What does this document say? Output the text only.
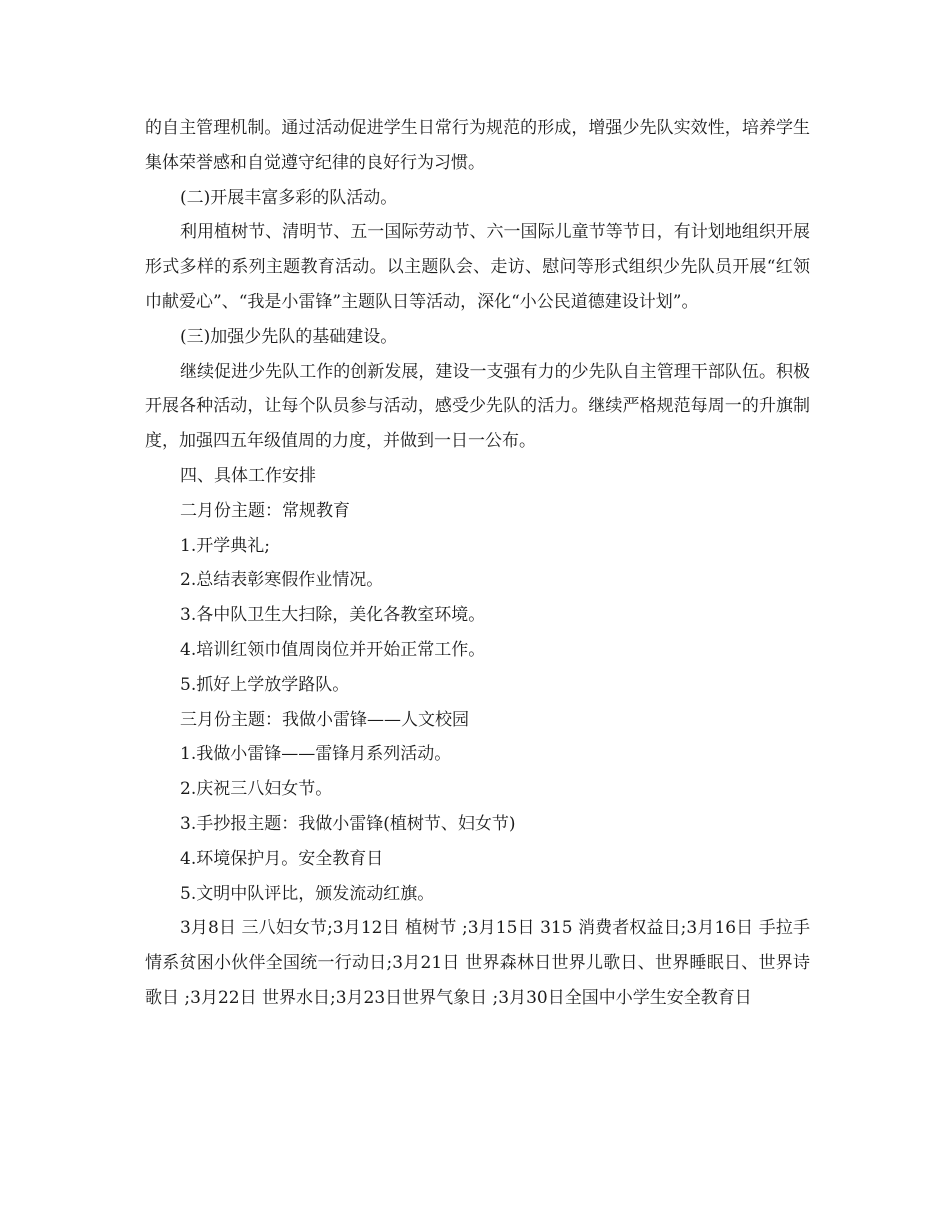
的自主管理机制。通过活动促进学生日常行为规范的形成，增强少先队实效性，培养学生集体荣誉感和自觉遵守纪律的良好行为习惯。

(二)开展丰富多彩的队活动。

利用植树节、清明节、五一国际劳动节、六一国际儿童节等节日，有计划地组织开展形式多样的系列主题教育活动。以主题队会、走访、慰问等形式组织少先队员开展“红领巾献爱心”、“我是小雷锋”主题队日等活动，深化“小公民道德建设计划”。

(三)加强少先队的基础建设。

继续促进少先队工作的创新发展，建设一支强有力的少先队自主管理干部队伍。积极开展各种活动，让每个队员参与活动，感受少先队的活力。继续严格规范每周一的升旗制度，加强四五年级值周的力度，并做到一日一公布。

四、具体工作安排

二月份主题：常规教育

1.开学典礼;

2.总结表彰寒假作业情况。

3.各中队卫生大扫除，美化各教室环境。

4.培训红领巾值周岗位并开始正常工作。

5.抓好上学放学路队。

三月份主题：我做小雷锋——人文校园

1.我做小雷锋——雷锋月系列活动。

2.庆祝三八妇女节。

3.手抄报主题：我做小雷锋(植树节、妇女节)

4.环境保护月。安全教育日

5.文明中队评比，颁发流动红旗。

3月8日 三八妇女节;3月12日 植树节 ;3月15日 315 消费者权益日;3月16日 手拉手情系贫困小伙伴全国统一行动日;3月21日 世界森林日世界儿歌日、世界睡眠日、世界诗歌日 ;3月22日 世界水日;3月23日世界气象日 ;3月30日全国中小学生安全教育日
